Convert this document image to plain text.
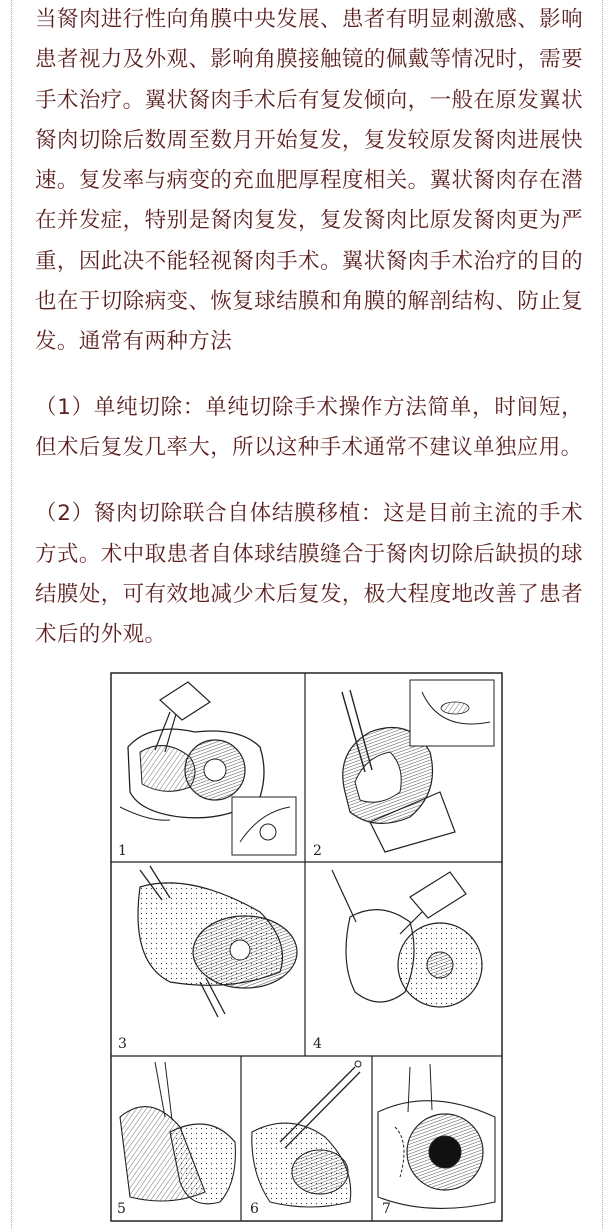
当胬肉进行性向角膜中央发展、患者有明显刺激感、影响患者视力及外观、影响角膜接触镜的佩戴等情况时，需要手术治疗。翼状胬肉手术后有复发倾向，一般在原发翼状胬肉切除后数周至数月开始复发，复发较原发胬肉进展快速。复发率与病变的充血肥厚程度相关。翼状胬肉存在潜在并发症，特别是胬肉复发，复发胬肉比原发胬肉更为严重，因此决不能轻视胬肉手术。翼状胬肉手术治疗的目的也在于切除病变、恢复球结膜和角膜的解剖结构、防止复发。通常有两种方法

（1）单纯切除：单纯切除手术操作方法简单，时间短，但术后复发几率大，所以这种手术通常不建议单独应用。

（2）胬肉切除联合自体结膜移植：这是目前主流的手术方式。术中取患者自体球结膜缝合于胬肉切除后缺损的球结膜处，可有效地减少术后复发，极大程度地改善了患者术后的外观。

1	2
3	4
5	6	7
